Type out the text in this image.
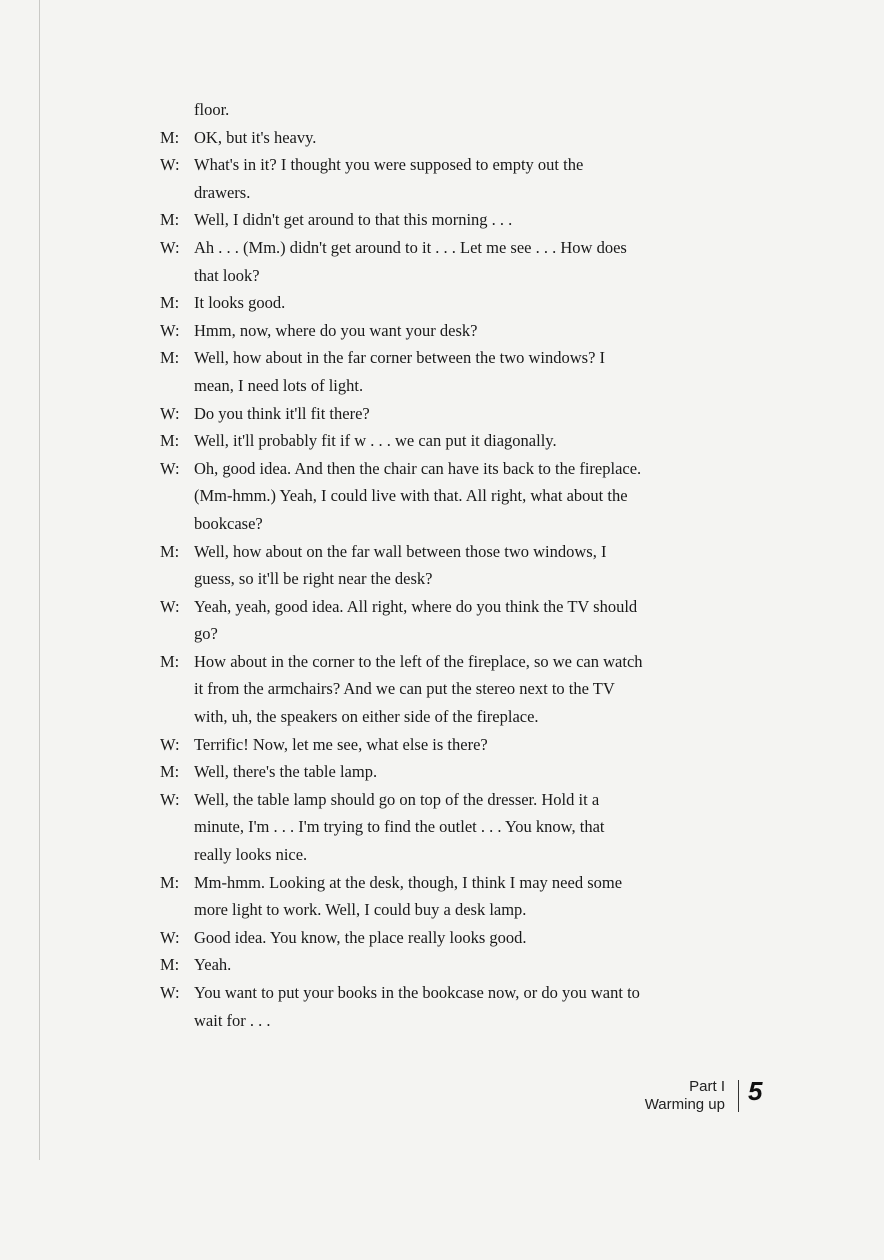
floor.
M: OK, but it's heavy.
W: What's in it? I thought you were supposed to empty out the
drawers.
M: Well, I didn't get around to that this morning . . .
W: Ah . . . (Mm.) didn't get around to it . . . Let me see . . . How does
that look?
M: It looks good.
W: Hmm, now, where do you want your desk?
M: Well, how about in the far corner between the two windows? I
mean, I need lots of light.
W: Do you think it'll fit there?
M: Well, it'll probably fit if w . . . we can put it diagonally.
W: Oh, good idea. And then the chair can have its back to the fireplace.
(Mm-hmm.) Yeah, I could live with that. All right, what about the
bookcase?
M: Well, how about on the far wall between those two windows, I
guess, so it'll be right near the desk?
W: Yeah, yeah, good idea. All right, where do you think the TV should
go?
M: How about in the corner to the left of the fireplace, so we can watch
it from the armchairs? And we can put the stereo next to the TV
with, uh, the speakers on either side of the fireplace.
W: Terrific! Now, let me see, what else is there?
M: Well, there's the table lamp.
W: Well, the table lamp should go on top of the dresser. Hold it a
minute, I'm . . . I'm trying to find the outlet . . . You know, that
really looks nice.
M: Mm-hmm. Looking at the desk, though, I think I may need some
more light to work. Well, I could buy a desk lamp.
W: Good idea. You know, the place really looks good.
M: Yeah.
W: You want to put your books in the bookcase now, or do you want to
wait for . . .
Part I
Warming up 5
